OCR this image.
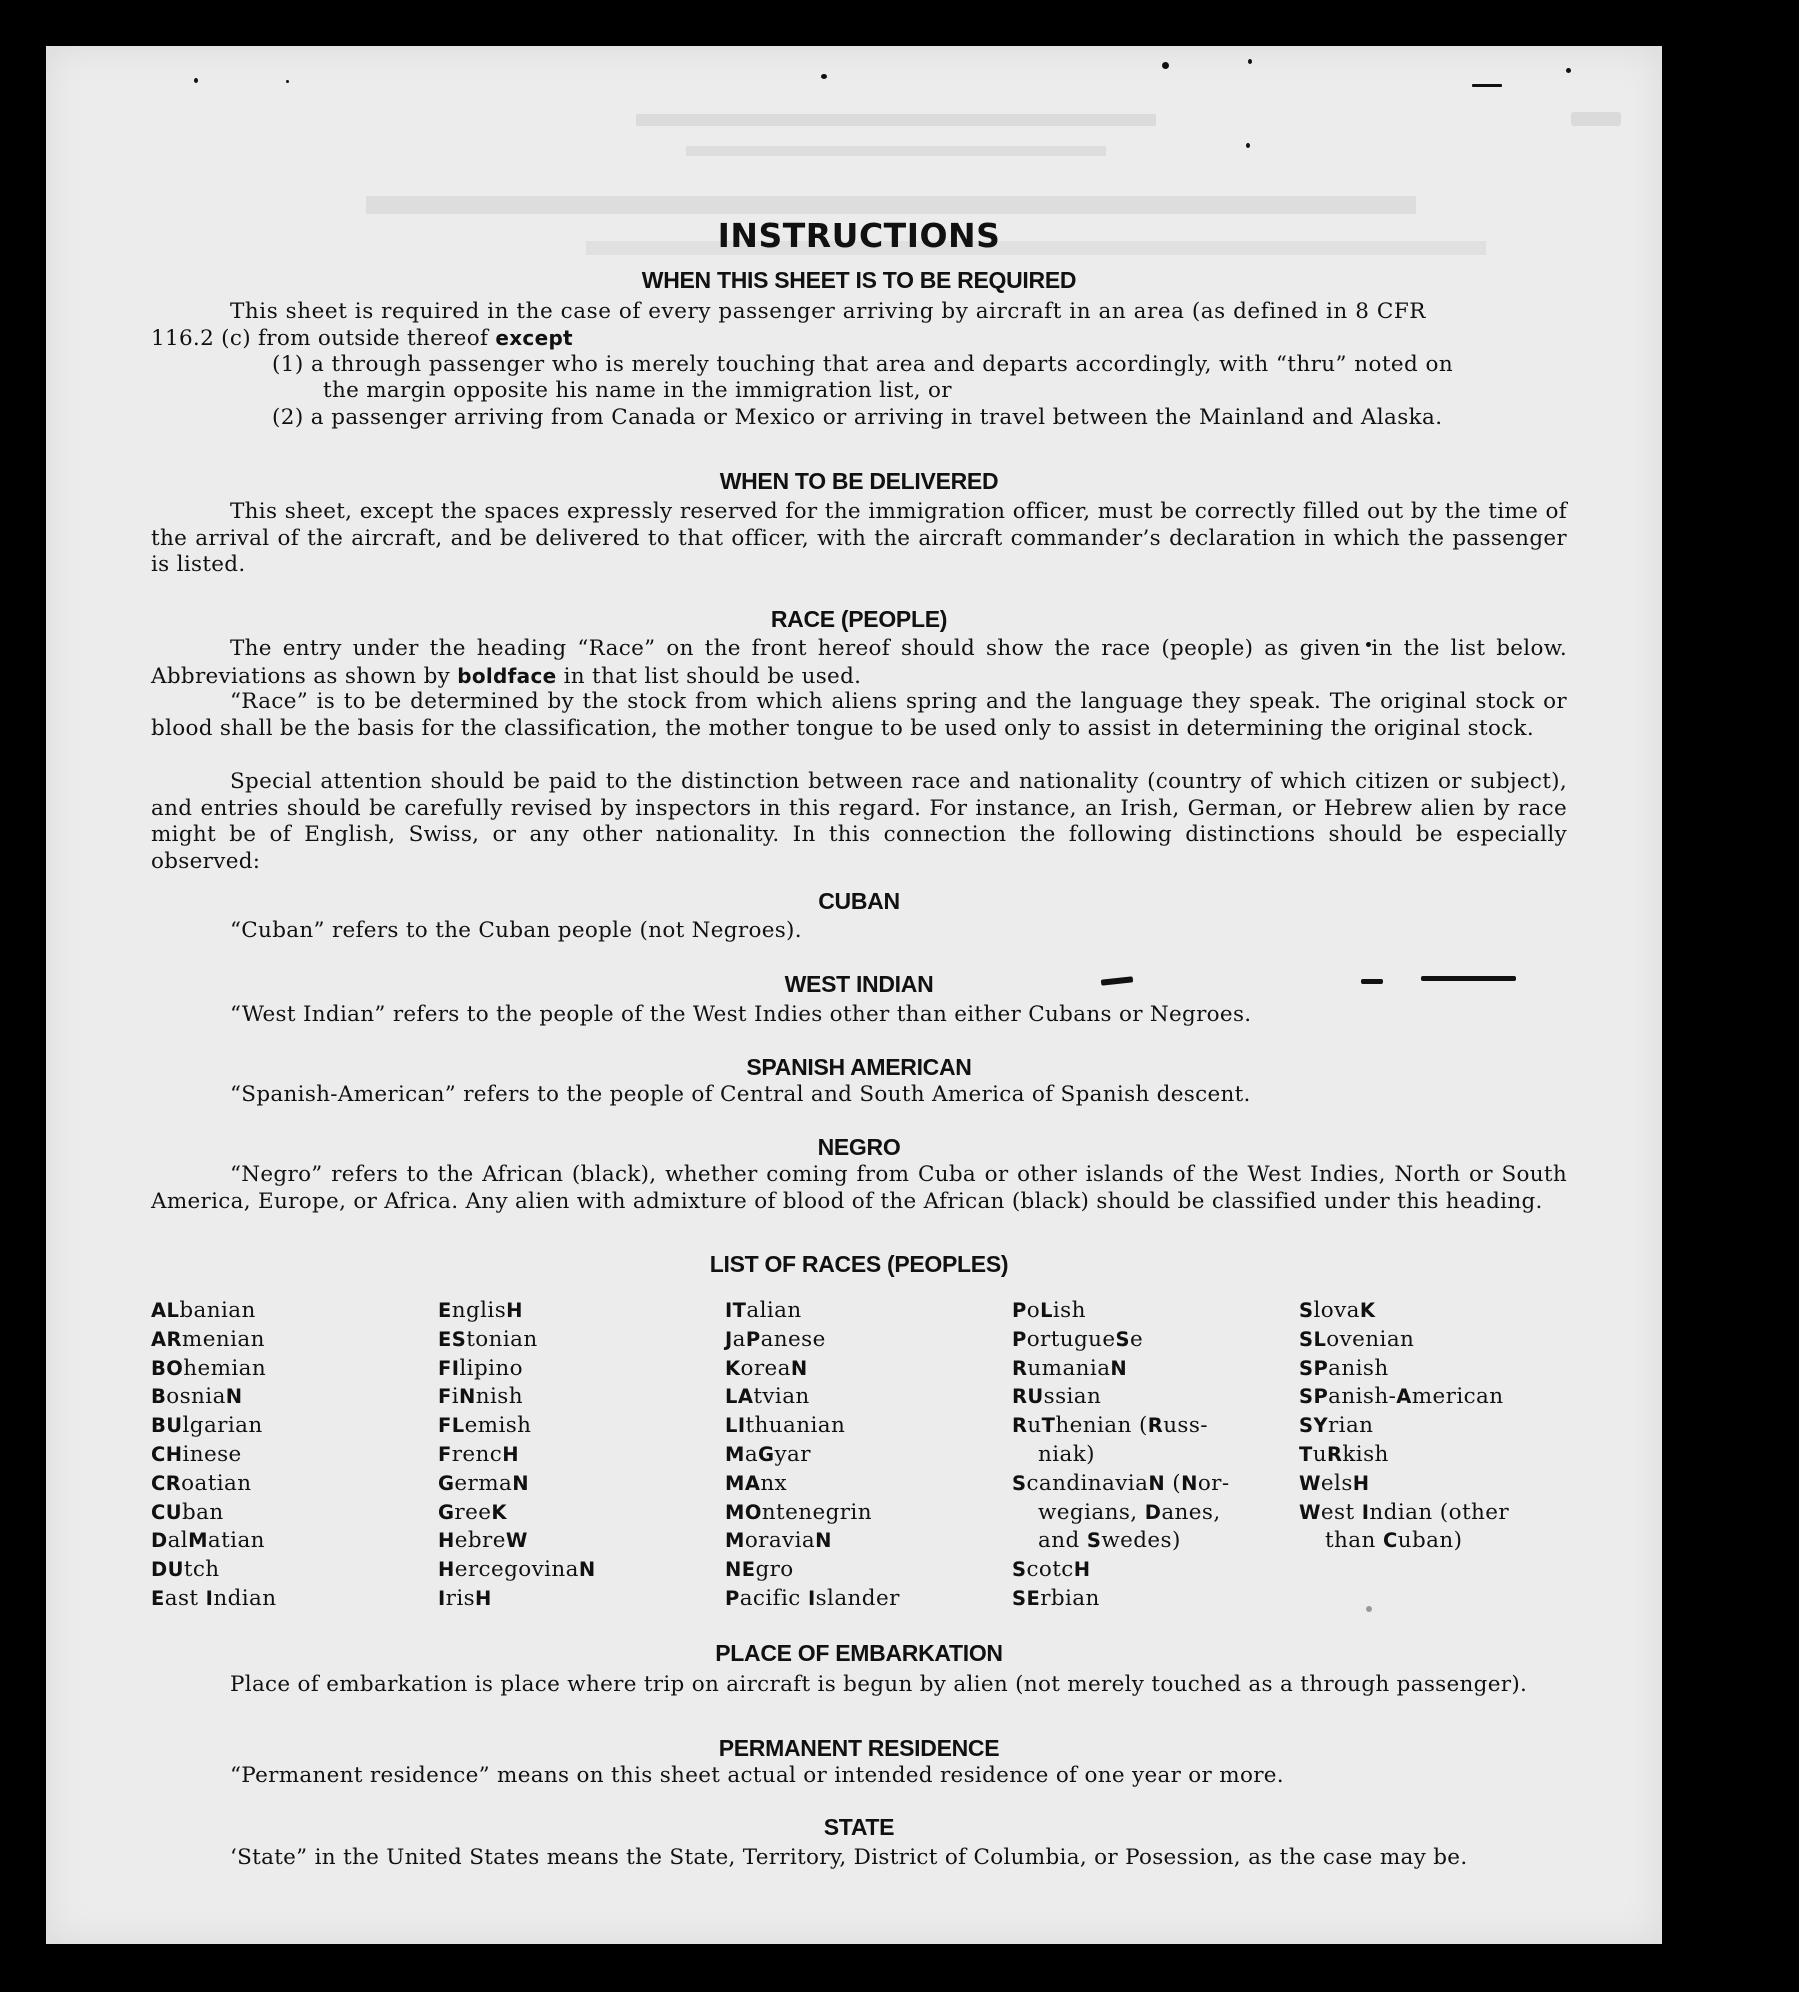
INSTRUCTIONS
WHEN THIS SHEET IS TO BE REQUIRED
This sheet is required in the case of every passenger arriving by aircraft in an area (as defined in 8 CFR
116.2 (c) from outside thereof except
(1) a through passenger who is merely touching that area and departs accordingly, with “thru” noted on
the margin opposite his name in the immigration list, or
(2) a passenger arriving from Canada or Mexico or arriving in travel between the Mainland and Alaska.
WHEN TO BE DELIVERED
This sheet, except the spaces expressly reserved for the immigration officer, must be correctly filled out by the time of the arrival of the aircraft, and be delivered to that officer, with the aircraft commander’s declaration in which the passenger is listed.
RACE (PEOPLE)
The entry under the heading “Race” on the front hereof should show the race (people) as given in the list below. Abbreviations as shown by boldface in that list should be used.
“Race” is to be determined by the stock from which aliens spring and the language they speak. The original stock or blood shall be the basis for the classification, the mother tongue to be used only to assist in determining the original stock.
Special attention should be paid to the distinction between race and nationality (country of which citizen or subject), and entries should be carefully revised by inspectors in this regard. For instance, an Irish, German, or Hebrew alien by race might be of English, Swiss, or any other nationality. In this connection the following distinctions should be especially observed:
CUBAN
“Cuban” refers to the Cuban people (not Negroes).
WEST INDIAN
“West Indian” refers to the people of the West Indies other than either Cubans or Negroes.
SPANISH AMERICAN
“Spanish-American” refers to the people of Central and South America of Spanish descent.
NEGRO
“Negro” refers to the African (black), whether coming from Cuba or other islands of the West Indies, North or South America, Europe, or Africa. Any alien with admixture of blood of the African (black) should be classified under this heading.
LIST OF RACES (PEOPLES)
ALbanian
ARmenian
BOhemian
BosniaN
BUlgarian
CHinese
CRoatian
CUban
DalMatian
DUtch
East Indian
EnglisH
EStonian
FIlipino
FiNnish
FLemish
FrencH
GermaN
GreeK
HebreW
HercegovinaN
IrisH
ITalian
JaPanese
KoreaN
LAtvian
LIthuanian
MaGyar
MAnx
MOntenegrin
MoraviaN
NEgro
Pacific Islander
PoLish
PortugueSe
RumaniaN
RUssian
RuThenian (Russ-
niak)
ScandinaviaN (Nor-
wegians, Danes,
and Swedes)
ScotcH
SErbian
SlovaK
SLovenian
SPanish
SPanish-American
SYrian
TuRkish
WelsH
West Indian (other
than Cuban)
PLACE OF EMBARKATION
Place of embarkation is place where trip on aircraft is begun by alien (not merely touched as a through passenger).
PERMANENT RESIDENCE
“Permanent residence” means on this sheet actual or intended residence of one year or more.
STATE
‘State” in the United States means the State, Territory, District of Columbia, or Posession, as the case may be.
